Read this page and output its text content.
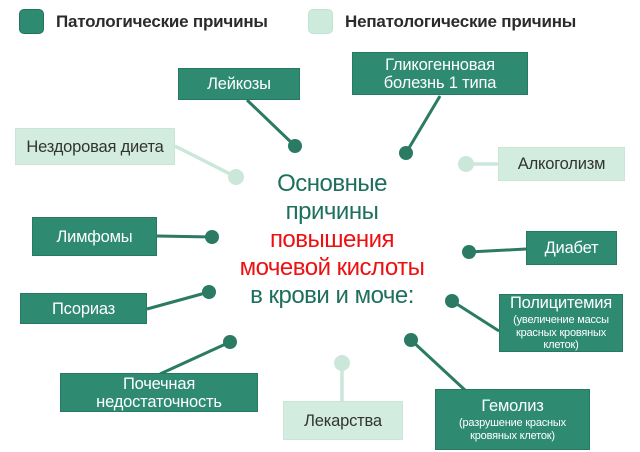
Патологические причины	Непатологические причины
Основные
причины
повышения
мочевой кислоты
в крови и моче:
Лейкозы
Гликогенновая болезнь 1 типа
Нездоровая диета
Алкоголизм
Лимфомы
Псориаз
Диабет
Полицитемия
(увеличение массы красных кровяных клеток)
Почечная недостаточность
Лекарства
Гемолиз
(разрушение красных кровяных клеток)
